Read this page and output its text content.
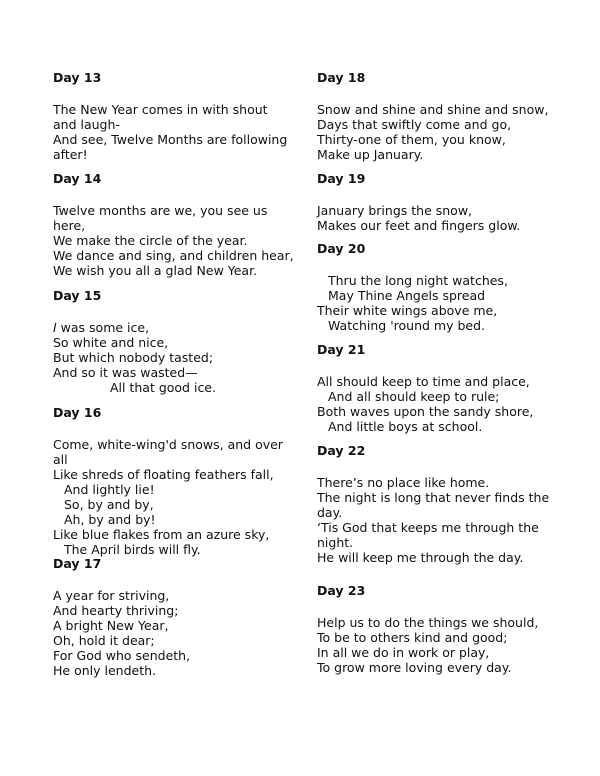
Day 13
The New Year comes in with shout
and laugh-
And see, Twelve Months are following
after!
Day 14
Twelve months are we, you see us
here,
We make the circle of the year.
We dance and sing, and children hear,
We wish you all a glad New Year.
Day 15
I was some ice,
So white and nice,
But which nobody tasted;
And so it was wasted—
All that good ice.
Day 16
Come, white-wing'd snows, and over
all
Like shreds of floating feathers fall,
And lightly lie!
So, by and by,
Ah, by and by!
Like blue flakes from an azure sky,
The April birds will fly.
Day 17
A year for striving,
And hearty thriving;
A bright New Year,
Oh, hold it dear;
For God who sendeth,
He only lendeth.
Day 18
Snow and shine and shine and snow,
Days that swiftly come and go,
Thirty-one of them, you know,
Make up January.
Day 19
January brings the snow,
Makes our feet and fingers glow.
Day 20
Thru the long night watches,
May Thine Angels spread
Their white wings above me,
Watching 'round my bed.
Day 21
All should keep to time and place,
And all should keep to rule;
Both waves upon the sandy shore,
And little boys at school.
Day 22
There’s no place like home.
The night is long that never finds the
day.
‘Tis God that keeps me through the
night.
He will keep me through the day.
Day 23
Help us to do the things we should,
To be to others kind and good;
In all we do in work or play,
To grow more loving every day.
